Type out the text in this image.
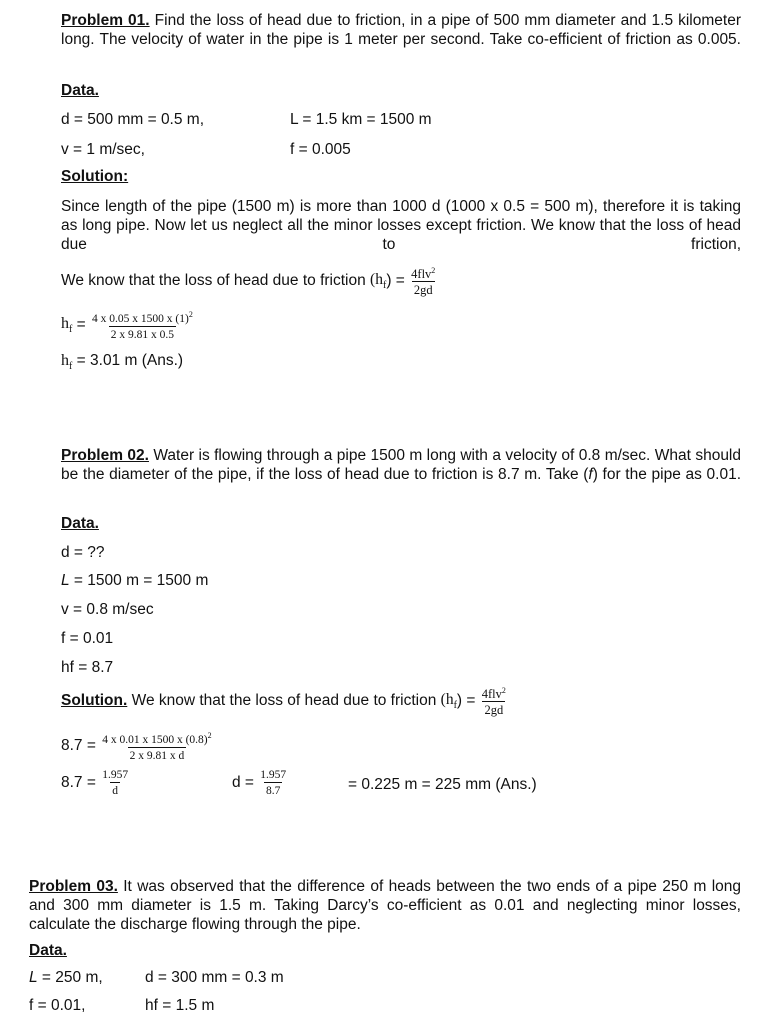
Problem 01. Find the loss of head due to friction, in a pipe of 500 mm diameter and 1.5 kilometer long. The velocity of water in the pipe is 1 meter per second. Take co-efficient of friction as 0.005.
Data.
d = 500 mm = 0.5 m,	L = 1.5 km = 1500 m
v = 1 m/sec,	f = 0.005
Solution:
Since length of the pipe (1500 m) is more than 1000 d (1000 x 0.5 = 500 m), therefore it is taking as long pipe. Now let us neglect all the minor losses except friction. We know that the loss of head due to friction,
We know that the loss of head due to friction
($h_f$ ) =
$\frac{4flv^2}{2gd}$
$h_f$
=
$\frac{4 x 0.05 x 1500 x (1)^2}{2 x 9.81 x 0.5}$
$h_f = 3.01$ m (Ans.)
Problem 02. Water is flowing through a pipe 1500 m long with a velocity of 0.8 m/sec. What should be the diameter of the pipe, if the loss of head due to friction is 8.7 m. Take (f) for the pipe as 0.01.
Data.
d = ??
L = 1500 m = 1500 m
v = 0.8 m/sec
f = 0.01
hf = 8.7
Solution.
We know that the loss of head due to friction
($h_f$ ) =
$\frac{4flv^2}{2gd}$
8.7 =
$\frac{4 x 0.01 x 1500 x (0.8)^2}{\text{2 x 9.81 x d}}$
8.7 =
$\frac{1.957}{d}$	d =
$\frac{1.957}{8.7}$	= 0.225 m = 225 mm (Ans.)
Problem 03. It was observed that the difference of heads between the two ends of a pipe 250 m long and 300 mm diameter is 1.5 m. Taking Darcy’s co-efficient as 0.01 and neglecting minor losses, calculate the discharge flowing through the pipe.
Data.
L = 250 m,	d = 300 mm = 0.3 m
f = 0.01,	hf = 1.5 m
